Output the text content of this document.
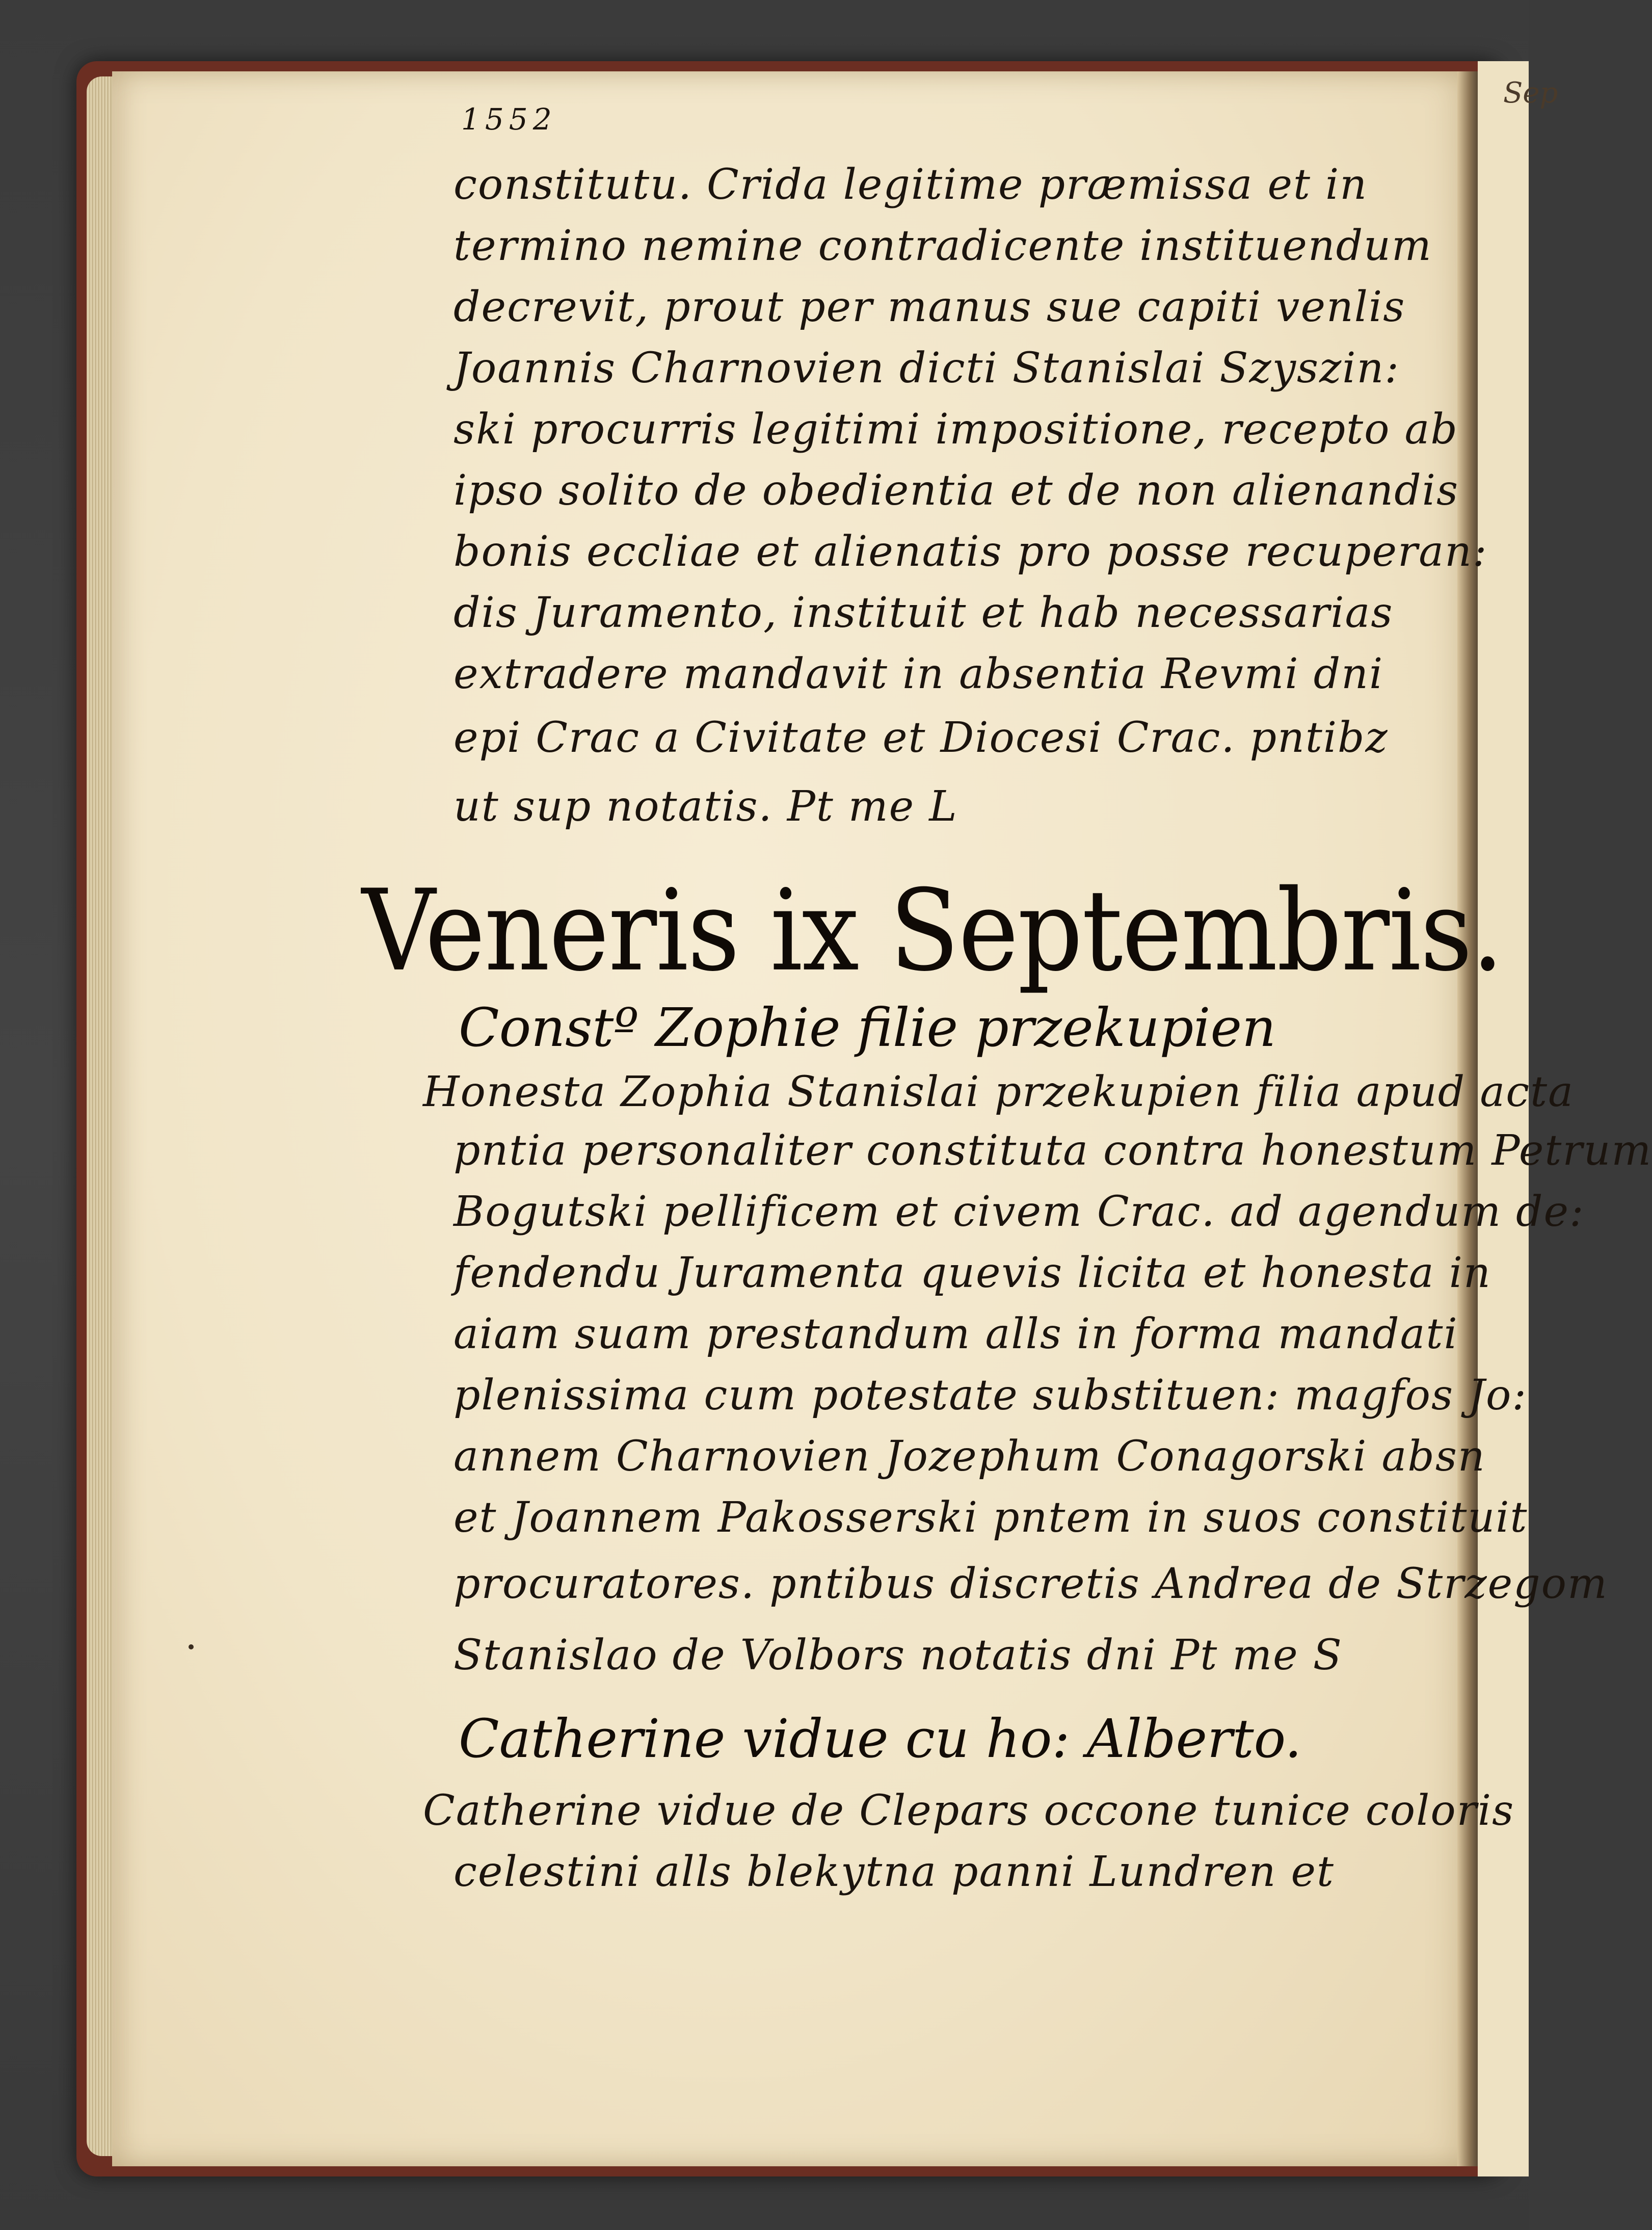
Sep
1552
constitutu. Crida legitime præmissa et in
termino nemine contradicente instituendum
decrevit, prout per manus sue capiti venlis
Joannis Charnovien dicti Stanislai Szyszin:
ski procurris legitimi impositione, recepto ab
ipso solito de obedientia et de non alienandis
bonis eccliae et alienatis pro posse recuperan:
dis Juramento, instituit et hab necessarias
extradere mandavit in absentia Revmi dni
epi Crac a Civitate et Diocesi Crac. pntibz
ut sup notatis. Pt me L
Veneris ix Septembris.
Constº Zophie filie przekupien
Honesta Zophia Stanislai przekupien filia apud acta
pntia personaliter constituta contra honestum Petrum
Bogutski pellificem et civem Crac. ad agendum de:
fendendu Juramenta quevis licita et honesta in
aiam suam prestandum alls in forma mandati
plenissima cum potestate substituen: magfos Jo:
annem Charnovien Jozephum Conagorski absn
et Joannem Pakosserski pntem in suos constituit
procuratores. pntibus discretis Andrea de Strzegom
Stanislao de Volbors notatis dni Pt me S
Catherine vidue cu ho: Alberto.
Catherine vidue de Clepars occone tunice coloris
celestini alls blekytna panni Lundren et
